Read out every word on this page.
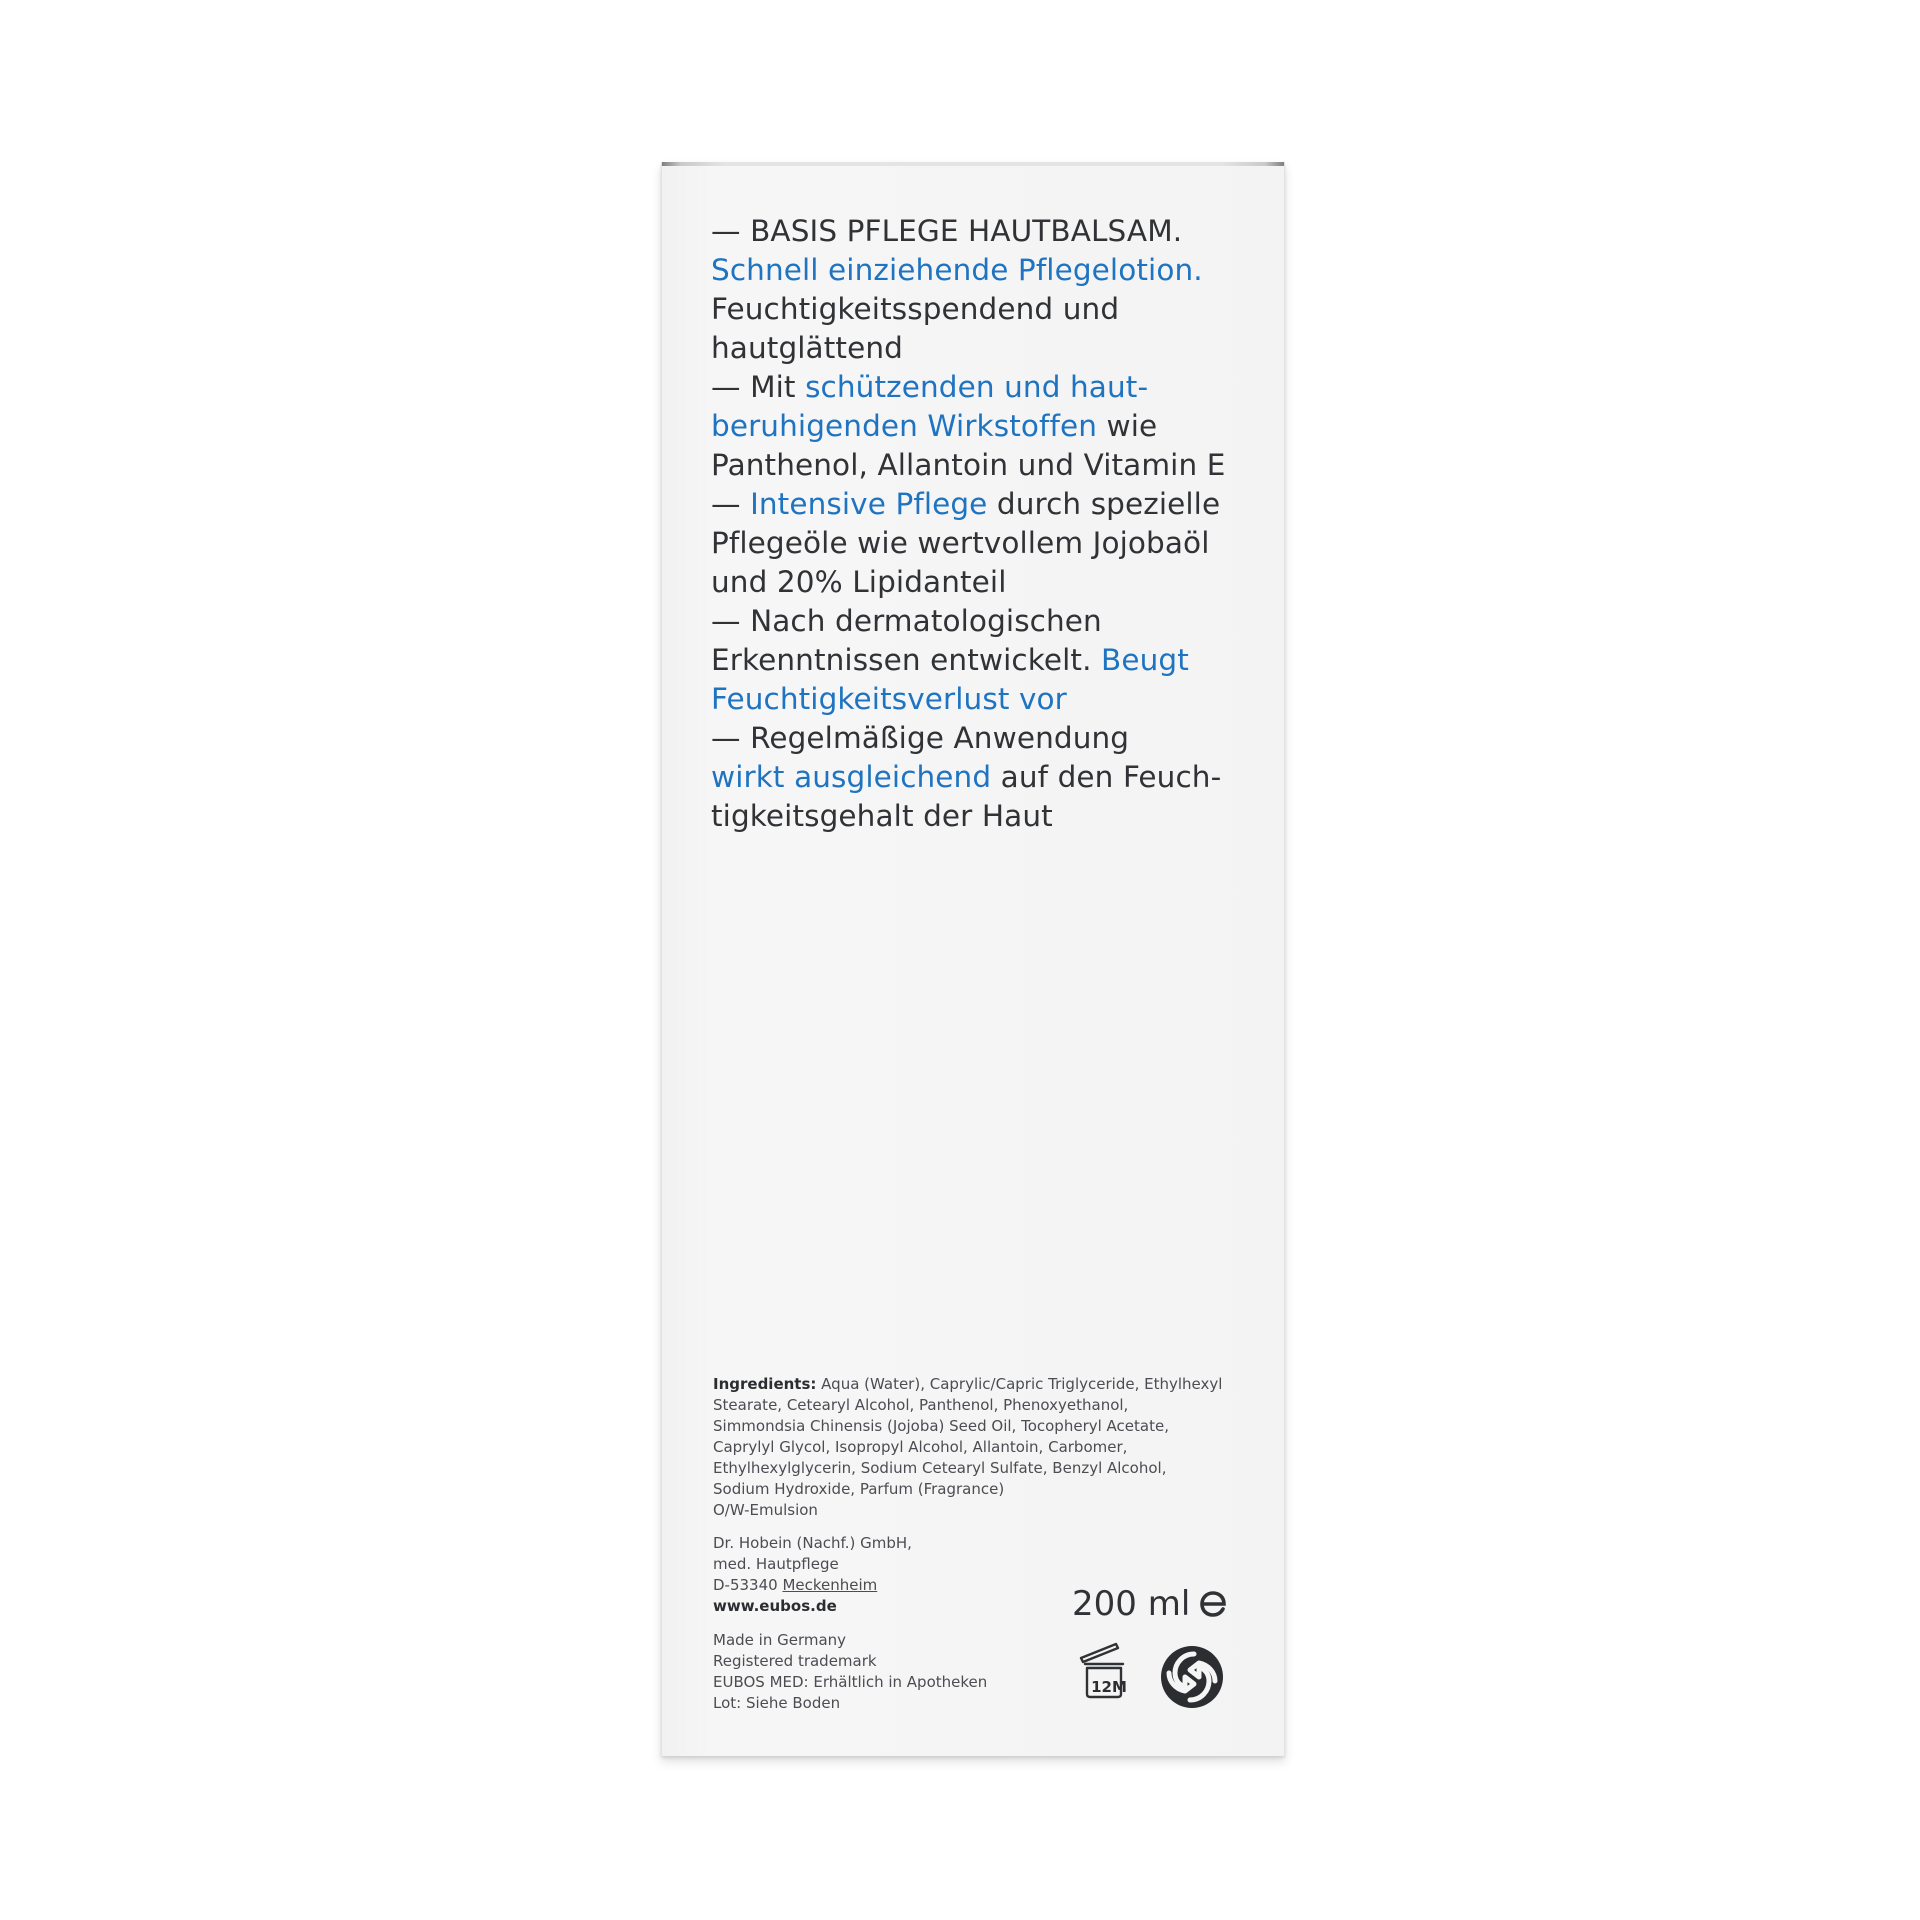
— BASIS PFLEGE HAUTBALSAM.
Schnell einziehende Pflegelotion.
Feuchtigkeitsspendend und
hautglättend
— Mit schützenden und haut-
beruhigenden Wirkstoffen wie
Panthenol, Allantoin und Vitamin E
— Intensive Pflege durch spezielle
Pflegeöle wie wertvollem Jojobaöl
und 20% Lipidanteil
— Nach dermatologischen
Erkenntnissen entwickelt. Beugt
Feuchtigkeitsverlust vor
— Regelmäßige Anwendung
wirkt ausgleichend auf den Feuch-
tigkeitsgehalt der Haut
Ingredients: Aqua (Water), Caprylic/Capric Triglyceride, Ethylhexyl
Stearate, Cetearyl Alcohol, Panthenol, Phenoxyethanol,
Simmondsia Chinensis (Jojoba) Seed Oil, Tocopheryl Acetate,
Caprylyl Glycol, Isopropyl Alcohol, Allantoin, Carbomer,
Ethylhexylglycerin, Sodium Cetearyl Sulfate, Benzyl Alcohol,
Sodium Hydroxide, Parfum (Fragrance)
O/W-Emulsion
Dr. Hobein (Nachf.) GmbH,
med. Hautpflege
D-53340 Meckenheim
www.eubos.de
Made in Germany
Registered trademark
EUBOS MED: Erhältlich in Apotheken
Lot: Siehe Boden
200 ml
12M
